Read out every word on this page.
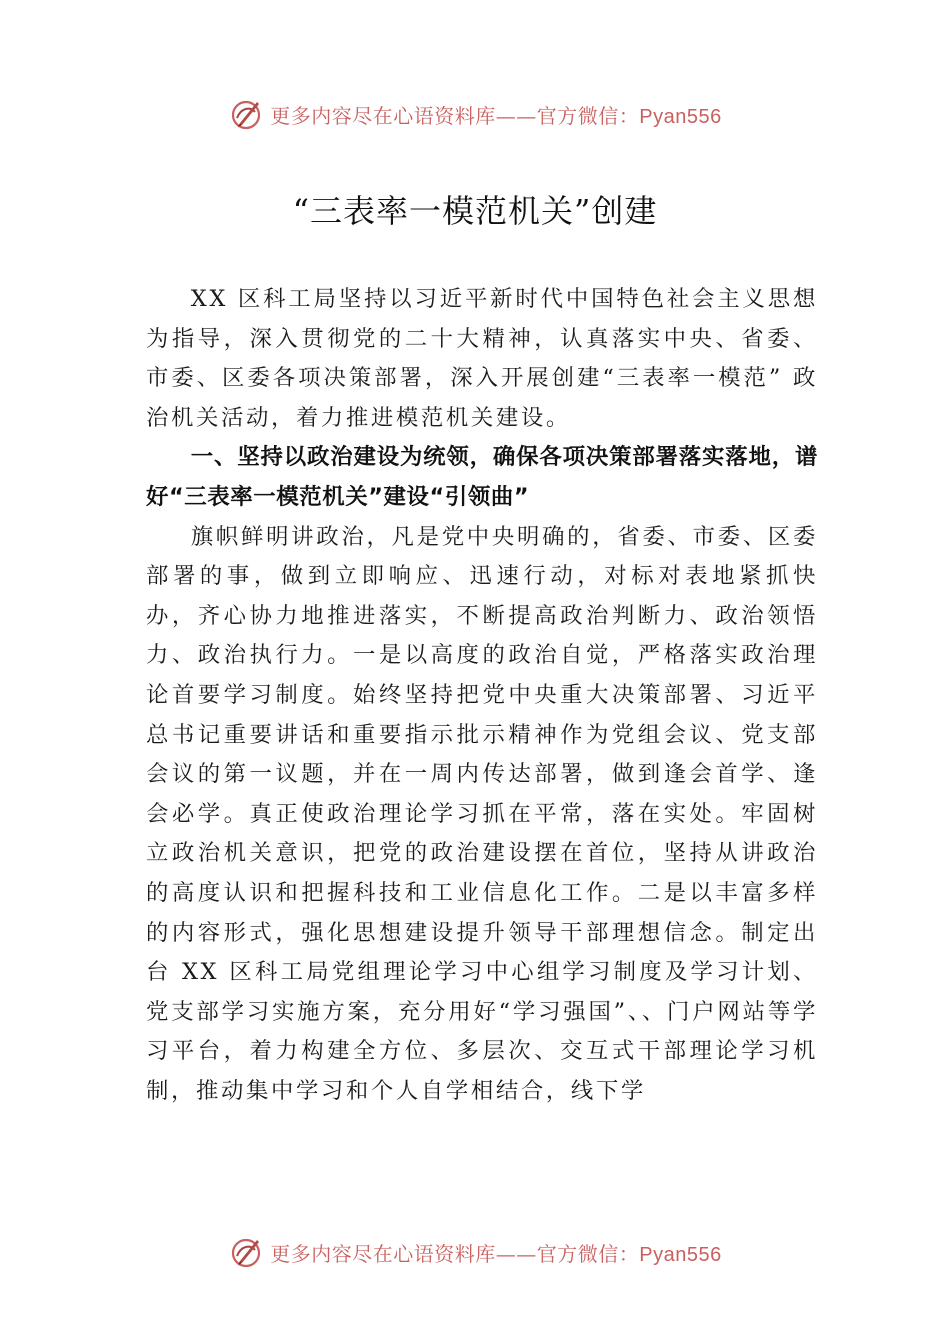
更多内容尽在心语资料库——官方微信：Pyan556
“三表率一模范机关”创建

XX 区科工局坚持以习近平新时代中国特色社会主义思想为指导，深入贯彻党的二十大精神，认真落实中央、省委、市委、区委各项决策部署，深入开展创建“三表率一模范” 政治机关活动，着力推进模范机关建设。

一、坚持以政治建设为统领，确保各项决策部署落实落地，谱好“三表率一模范机关”建设“引领曲”

旗帜鲜明讲政治，凡是党中央明确的，省委、市委、区委部署的事，做到立即响应、迅速行动，对标对表地紧抓快办，齐心协力地推进落实，不断提高政治判断力、政治领悟力、政治执行力。一是以高度的政治自觉，严格落实政治理论首要学习制度。始终坚持把党中央重大决策部署、习近平总书记重要讲话和重要指示批示精神作为党组会议、党支部会议的第一议题，并在一周内传达部署，做到逢会首学、逢 会必学。真正使政治理论学习抓在平常，落在实处。牢固树 立政治机关意识，把党的政治建设摆在首位，坚持从讲政治的高度认识和把握科技和工业信息化工作。二是以丰富多样的内容形式，强化思想建设提升领导干部理想信念。制定出台 XX 区科工局党组理论学习中心组学习制度及学习计划、党支部学习实施方案，充分用好“学习强国”、、门户网站等学习平台，着力构建全方位、多层次、交互式干部理论学习机制，推动集中学习和个人自学相结合，线下学

更多内容尽在心语资料库——官方微信：Pyan556
